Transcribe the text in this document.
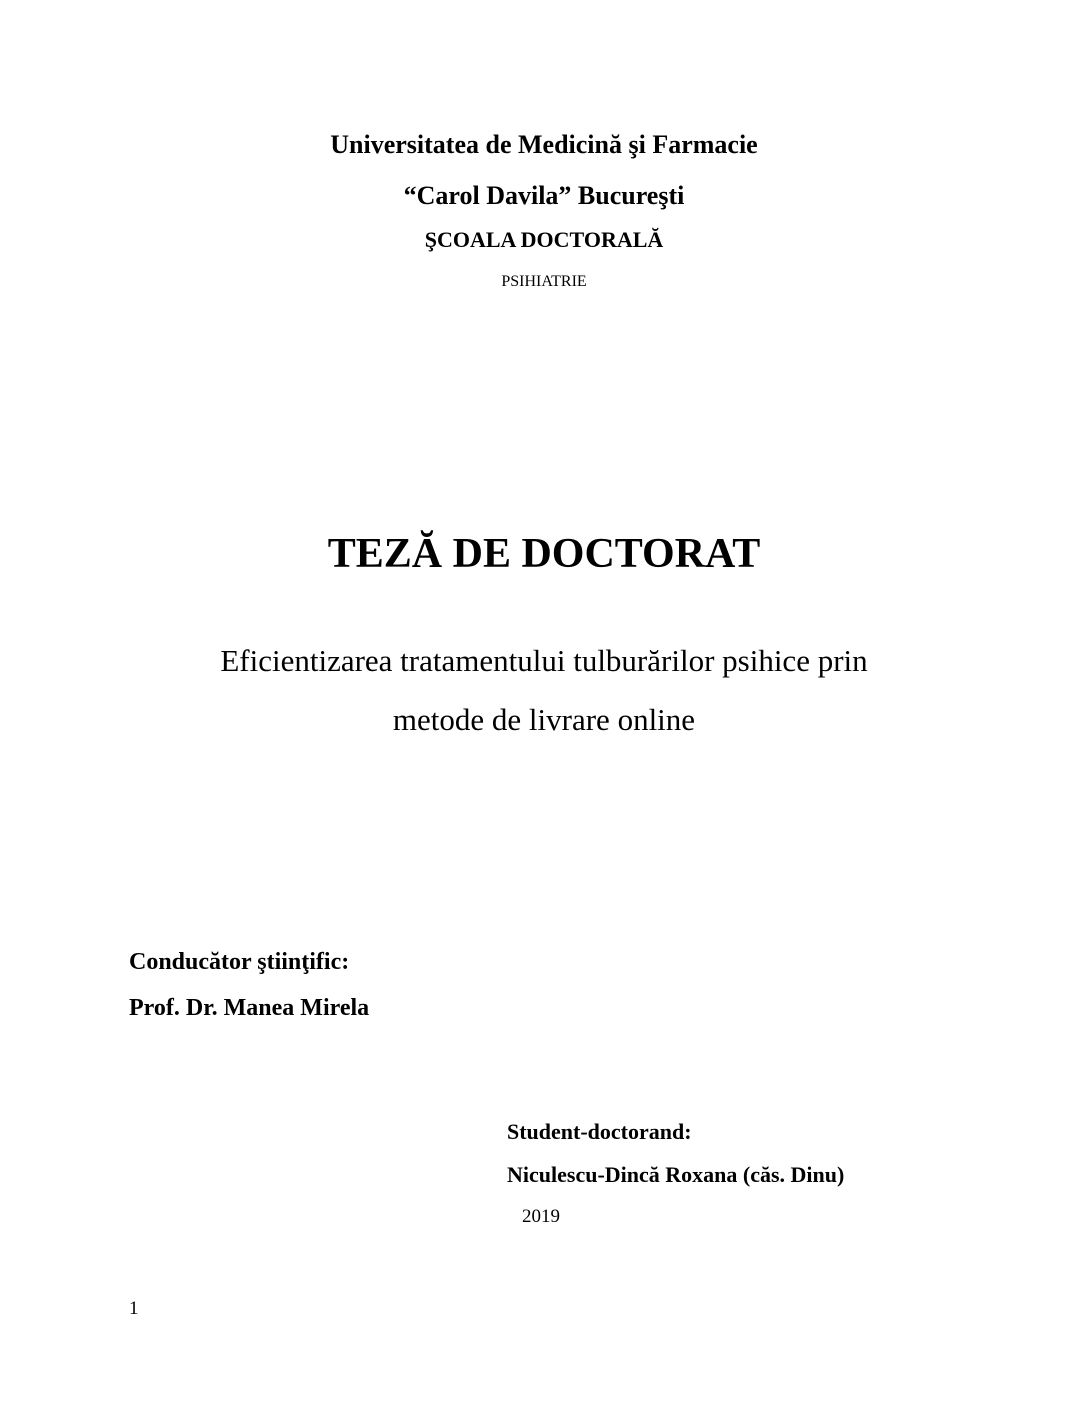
Universitatea de Medicină şi Farmacie
“Carol Davila” Bucureşti
ŞCOALA DOCTORALĂ
PSIHIATRIE
TEZĂ DE DOCTORAT
Eficientizarea tratamentului tulburărilor psihice prin
metode de livrare online
Conducător ştiinţific:
Prof. Dr. Manea Mirela
Student-doctorand:
Niculescu-Dincă Roxana (căs. Dinu)
2019
1
